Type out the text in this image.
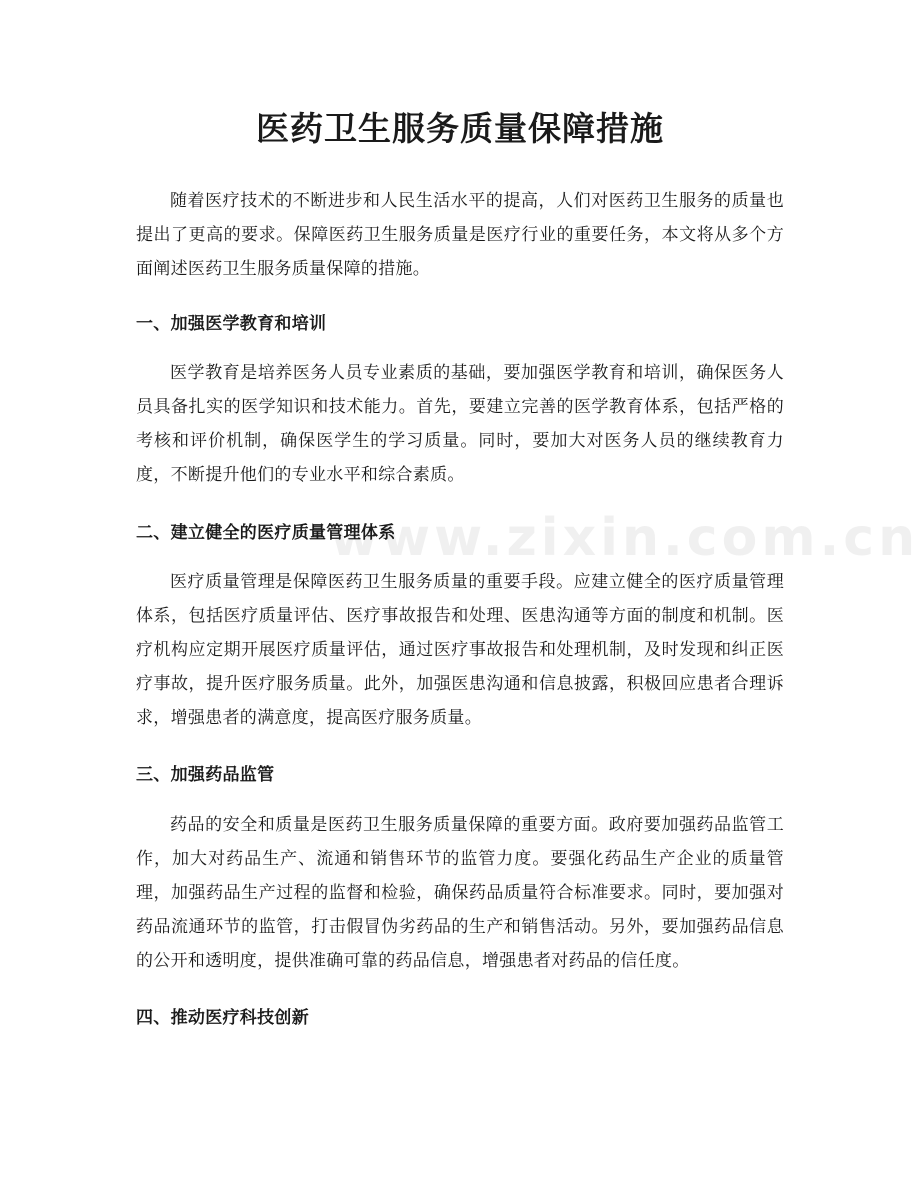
www.zixin.com.cn
医药卫生服务质量保障措施

随着医疗技术的不断进步和人民生活水平的提高，人们对医药卫生服务的质量也提出了更高的要求。保障医药卫生服务质量是医疗行业的重要任务，本文将从多个方面阐述医药卫生服务质量保障的措施。

一、加强医学教育和培训

医学教育是培养医务人员专业素质的基础，要加强医学教育和培训，确保医务人员具备扎实的医学知识和技术能力。首先，要建立完善的医学教育体系，包括严格的考核和评价机制，确保医学生的学习质量。同时，要加大对医务人员的继续教育力度，不断提升他们的专业水平和综合素质。

二、建立健全的医疗质量管理体系

医疗质量管理是保障医药卫生服务质量的重要手段。应建立健全的医疗质量管理体系，包括医疗质量评估、医疗事故报告和处理、医患沟通等方面的制度和机制。医疗机构应定期开展医疗质量评估，通过医疗事故报告和处理机制，及时发现和纠正医疗事故，提升医疗服务质量。此外，加强医患沟通和信息披露，积极回应患者合理诉求，增强患者的满意度，提高医疗服务质量。

三、加强药品监管

药品的安全和质量是医药卫生服务质量保障的重要方面。政府要加强药品监管工作，加大对药品生产、流通和销售环节的监管力度。要强化药品生产企业的质量管理，加强药品生产过程的监督和检验，确保药品质量符合标准要求。同时，要加强对药品流通环节的监管，打击假冒伪劣药品的生产和销售活动。另外，要加强药品信息的公开和透明度，提供准确可靠的药品信息，增强患者对药品的信任度。

四、推动医疗科技创新
